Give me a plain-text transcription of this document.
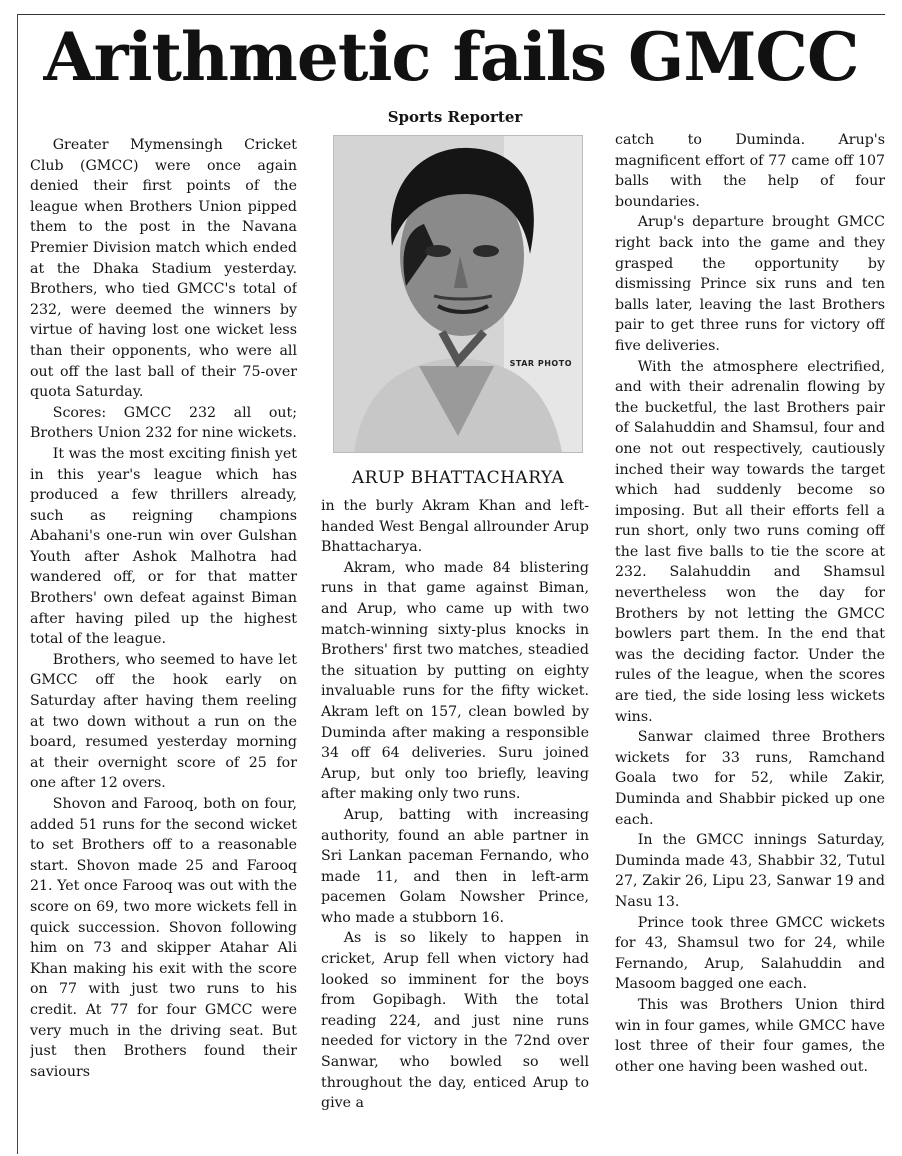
Arithmetic fails GMCC
Sports Reporter

Greater Mymensingh Cricket Club (GMCC) were once again denied their first points of the league when Brothers Union pipped them to the post in the Navana Premier Division match which ended at the Dhaka Stadium yesterday. Brothers, who tied GMCC's total of 232, were deemed the winners by virtue of having lost one wicket less than their opponents, who were all out off the last ball of their 75-over quota Saturday.

Scores: GMCC 232 all out; Brothers Union 232 for nine wickets.

It was the most exciting finish yet in this year's league which has produced a few thrillers already, such as reigning champions Abahani's one-run win over Gulshan Youth after Ashok Malhotra had wandered off, or for that matter Brothers' own defeat against Biman after having piled up the highest total of the league.

Brothers, who seemed to have let GMCC off the hook early on Saturday after having them reeling at two down without a run on the board, resumed yesterday morning at their overnight score of 25 for one after 12 overs.

Shovon and Farooq, both on four, added 51 runs for the second wicket to set Brothers off to a reasonable start. Shovon made 25 and Farooq 21. Yet once Farooq was out with the score on 69, two more wickets fell in quick succession. Shovon following him on 73 and skipper Atahar Ali Khan making his exit with the score on 77 with just two runs to his credit. At 77 for four GMCC were very much in the driving seat. But just then Brothers found their saviours

STAR PHOTO
ARUP BHATTACHARYA

in the burly Akram Khan and left-handed West Bengal allrounder Arup Bhattacharya.

Akram, who made 84 blistering runs in that game against Biman, and Arup, who came up with two match-winning sixty-plus knocks in Brothers' first two matches, steadied the situation by putting on eighty invaluable runs for the fifty wicket. Akram left on 157, clean bowled by Duminda after making a responsible 34 off 64 deliveries. Suru joined Arup, but only too briefly, leaving after making only two runs.

Arup, batting with increasing authority, found an able partner in Sri Lankan paceman Fernando, who made 11, and then in left-arm pacemen Golam Nowsher Prince, who made a stubborn 16.

As is so likely to happen in cricket, Arup fell when victory had looked so imminent for the boys from Gopibagh. With the total reading 224, and just nine runs needed for victory in the 72nd over Sanwar, who bowled so well throughout the day, enticed Arup to give a

catch to Duminda. Arup's magnificent effort of 77 came off 107 balls with the help of four boundaries.

Arup's departure brought GMCC right back into the game and they grasped the opportunity by dismissing Prince six runs and ten balls later, leaving the last Brothers pair to get three runs for victory off five deliveries.

With the atmosphere electrified, and with their adrenalin flowing by the bucketful, the last Brothers pair of Salahuddin and Shamsul, four and one not out respectively, cautiously inched their way towards the target which had suddenly become so imposing. But all their efforts fell a run short, only two runs coming off the last five balls to tie the score at 232. Salahuddin and Shamsul nevertheless won the day for Brothers by not letting the GMCC bowlers part them. In the end that was the deciding factor. Under the rules of the league, when the scores are tied, the side losing less wickets wins.

Sanwar claimed three Brothers wickets for 33 runs, Ramchand Goala two for 52, while Zakir, Duminda and Shabbir picked up one each.

In the GMCC innings Saturday, Duminda made 43, Shabbir 32, Tutul 27, Zakir 26, Lipu 23, Sanwar 19 and Nasu 13.

Prince took three GMCC wickets for 43, Shamsul two for 24, while Fernando, Arup, Salahuddin and Masoom bagged one each.

This was Brothers Union third win in four games, while GMCC have lost three of their four games, the other one having been washed out.
